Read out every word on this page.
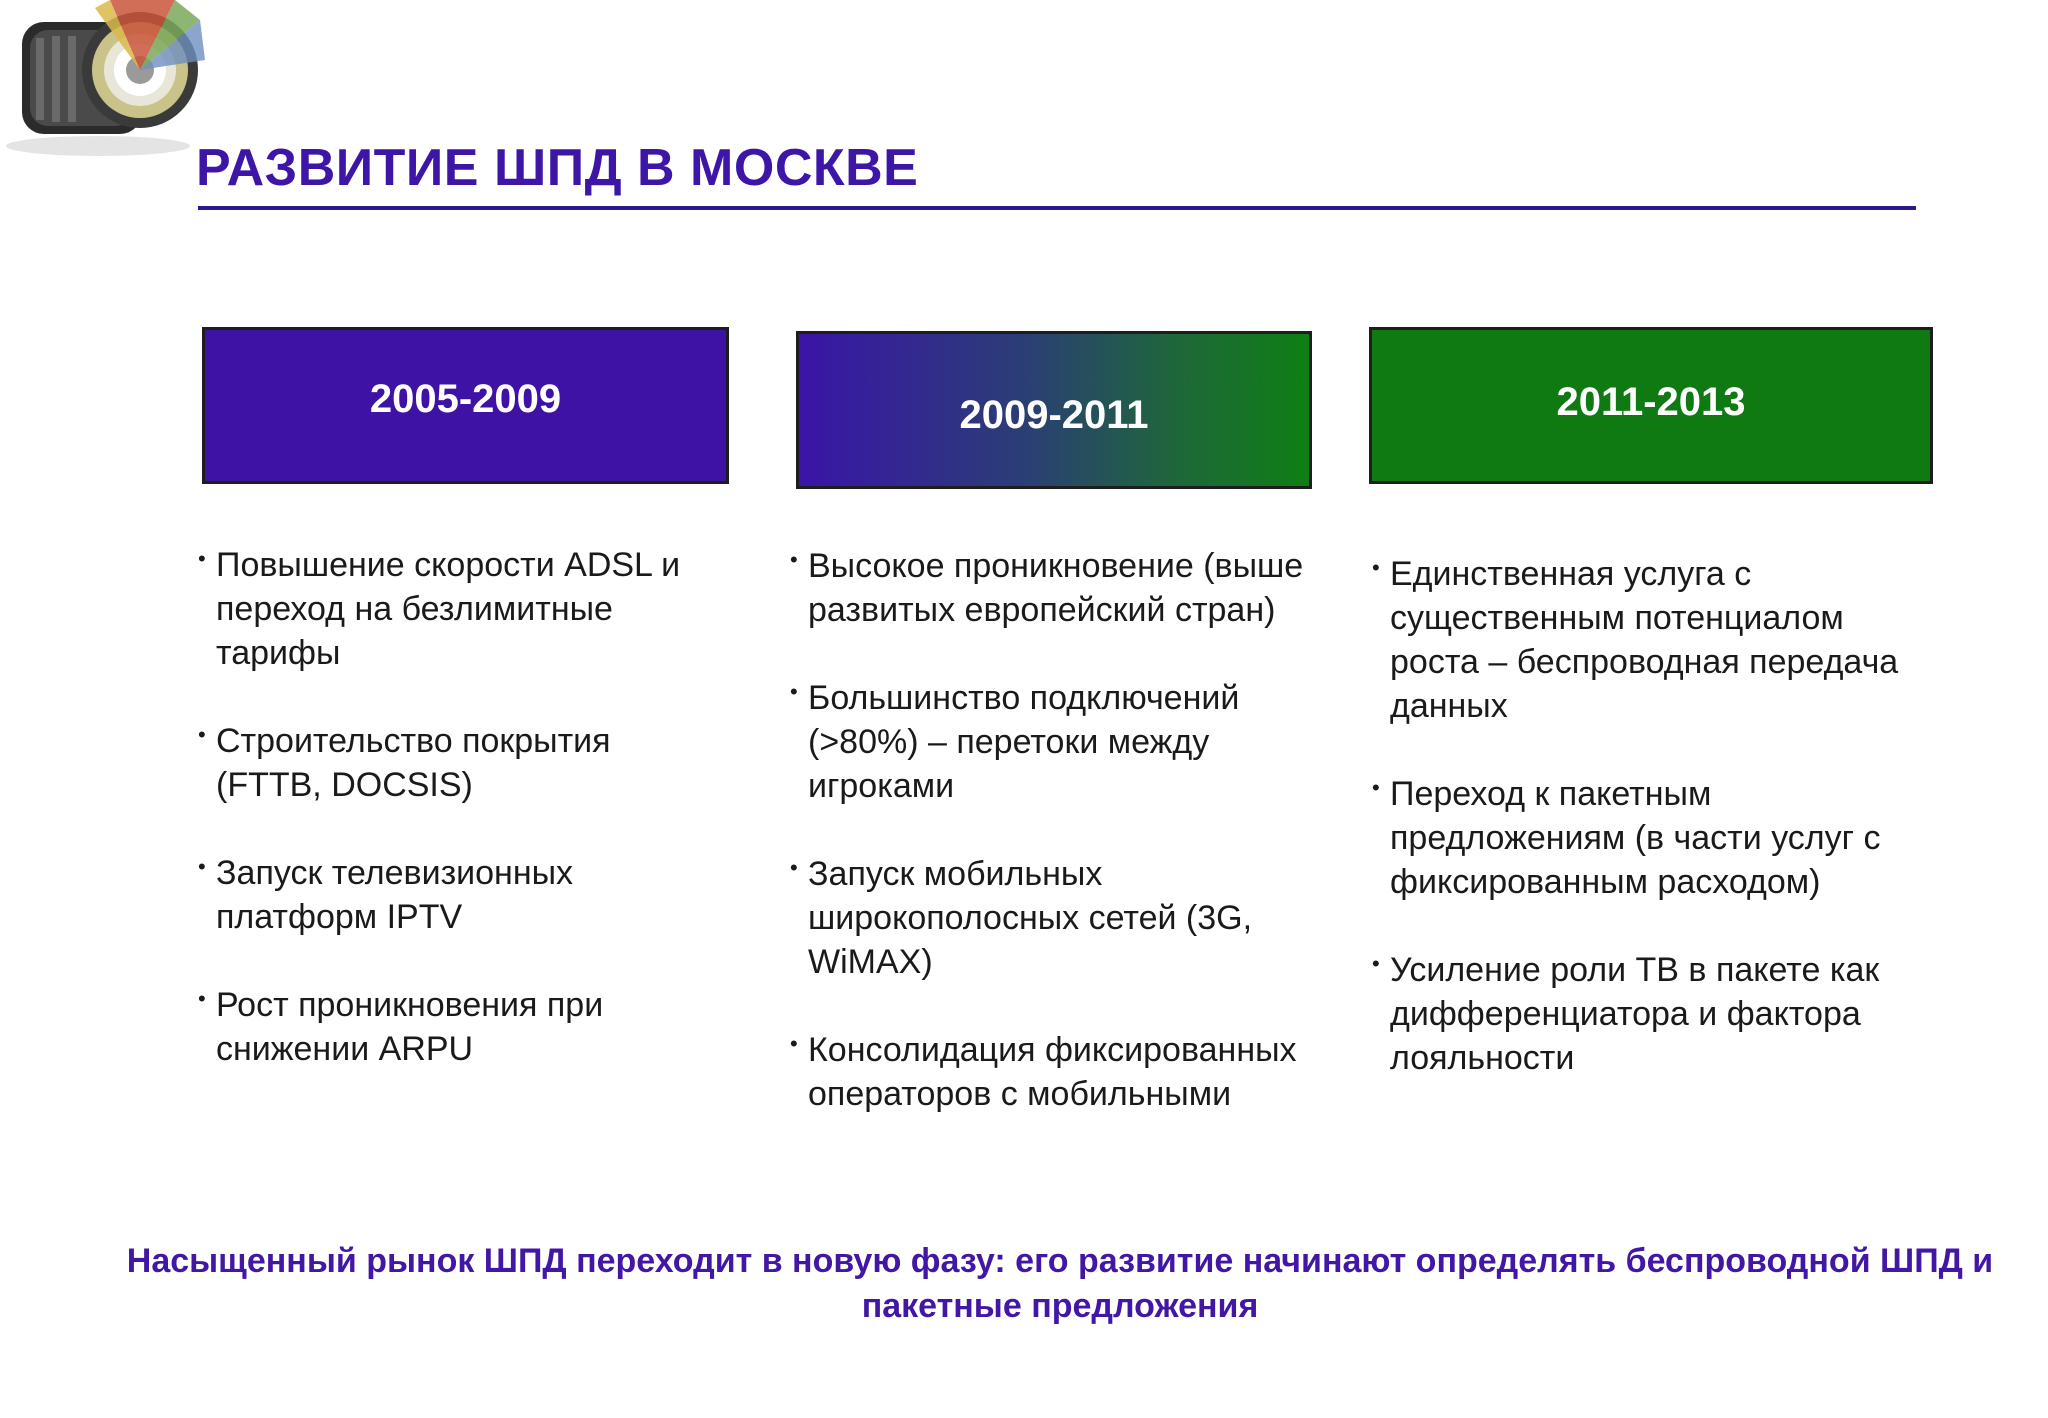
РАЗВИТИЕ ШПД В МОСКВЕ
2005-2009	2009-2011	2011-2013
• Повышение скорости ADSL и переход на безлимитные тарифы
• Строительство покрытия (FTTB, DOCSIS)
• Запуск телевизионных платформ IPTV
• Рост проникновения при снижении ARPU
• Высокое проникновение (выше развитых европейский стран)
• Большинство подключений (>80%) – перетоки между игроками
• Запуск мобильных широкополосных сетей (3G, WiMAX)
• Консолидация фиксированных операторов с мобильными
• Единственная услуга с существенным потенциалом роста – беспроводная передача данных
• Переход к пакетным предложениям (в части услуг с фиксированным расходом)
• Усиление роли ТВ в пакете как дифференциатора и фактора лояльности
Насыщенный рынок ШПД переходит в новую фазу: его развитие начинают определять беспроводной ШПД и пакетные предложения
